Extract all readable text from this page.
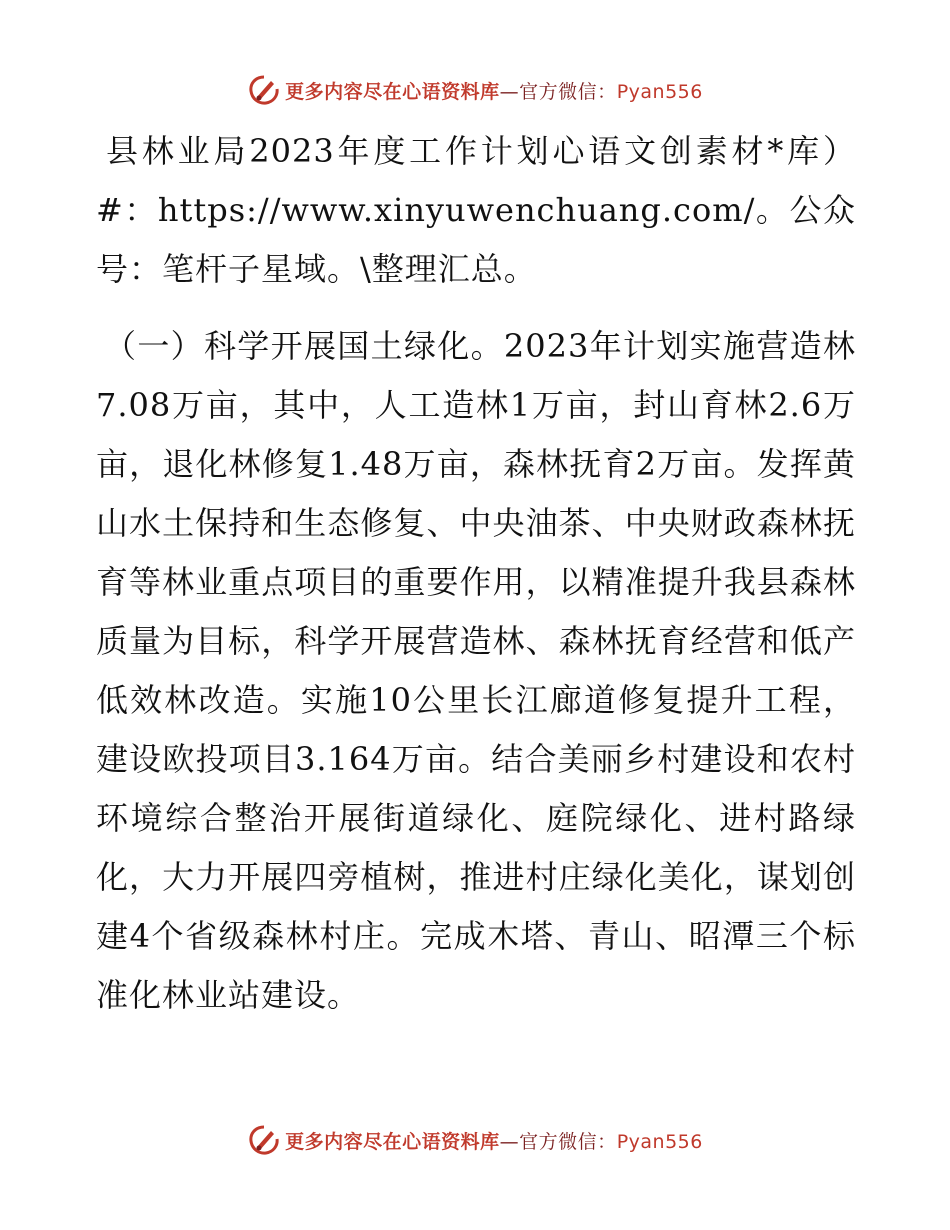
更多内容尽在心语资料库—官方微信：Pyan556

县林业局2023年度工作计划心语文创素材*库）#：https://www.xinyuwenchuang.com/。公众号：笔杆子星域。\整理汇总。

（一）科学开展国土绿化。2023年计划实施营造林7.08万亩，其中，人工造林1万亩，封山育林2.6万亩，退化林修复1.48万亩，森林抚育2万亩。发挥黄山水土保持和生态修复、中央油茶、中央财政森林抚育等林业重点项目的重要作用，以精准提升我县森林质量为目标，科学开展营造林、森林抚育经营和低产低效林改造。实施10公里长江廊道修复提升工程，建设欧投项目3.164万亩。结合美丽乡村建设和农村环境综合整治开展街道绿化、庭院绿化、进村路绿化，大力开展四旁植树，推进村庄绿化美化，谋划创建4个省级森林村庄。完成木塔、青山、昭潭三个标准化林业站建设。

更多内容尽在心语资料库—官方微信：Pyan556
